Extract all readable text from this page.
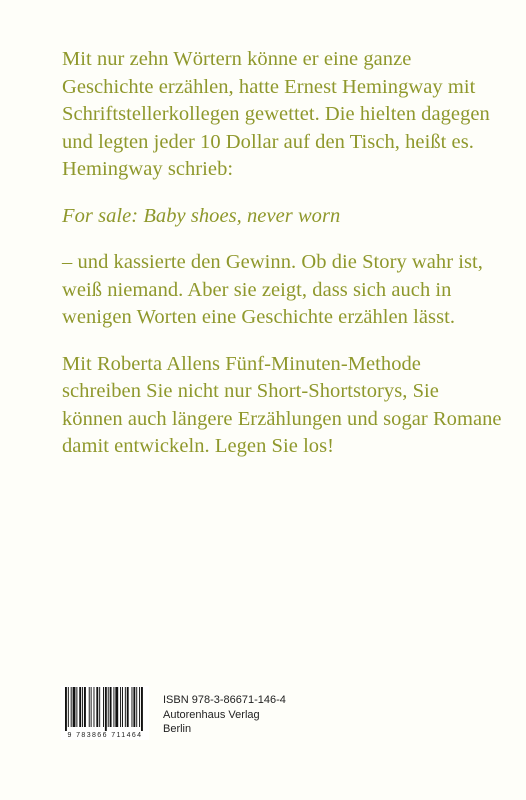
Mit nur zehn Wörtern könne er eine ganze Geschichte erzählen, hatte Ernest Hemingway mit Schriftstellerkollegen gewettet. Die hielten dagegen und legten jeder 10 Dollar auf den Tisch, heißt es. Hemingway schrieb:

For sale: Baby shoes, never worn

– und kassierte den Gewinn. Ob die Story wahr ist, weiß niemand. Aber sie zeigt, dass sich auch in wenigen Worten eine Geschichte erzählen lässt.

Mit Roberta Allens Fünf-Minuten-Methode schreiben Sie nicht nur Short-Shortstorys, Sie können auch längere Erzählungen und sogar Romane damit entwickeln. Legen Sie los!

9 783866 711464
ISBN 978-3-86671-146-4
Autorenhaus Verlag
Berlin
